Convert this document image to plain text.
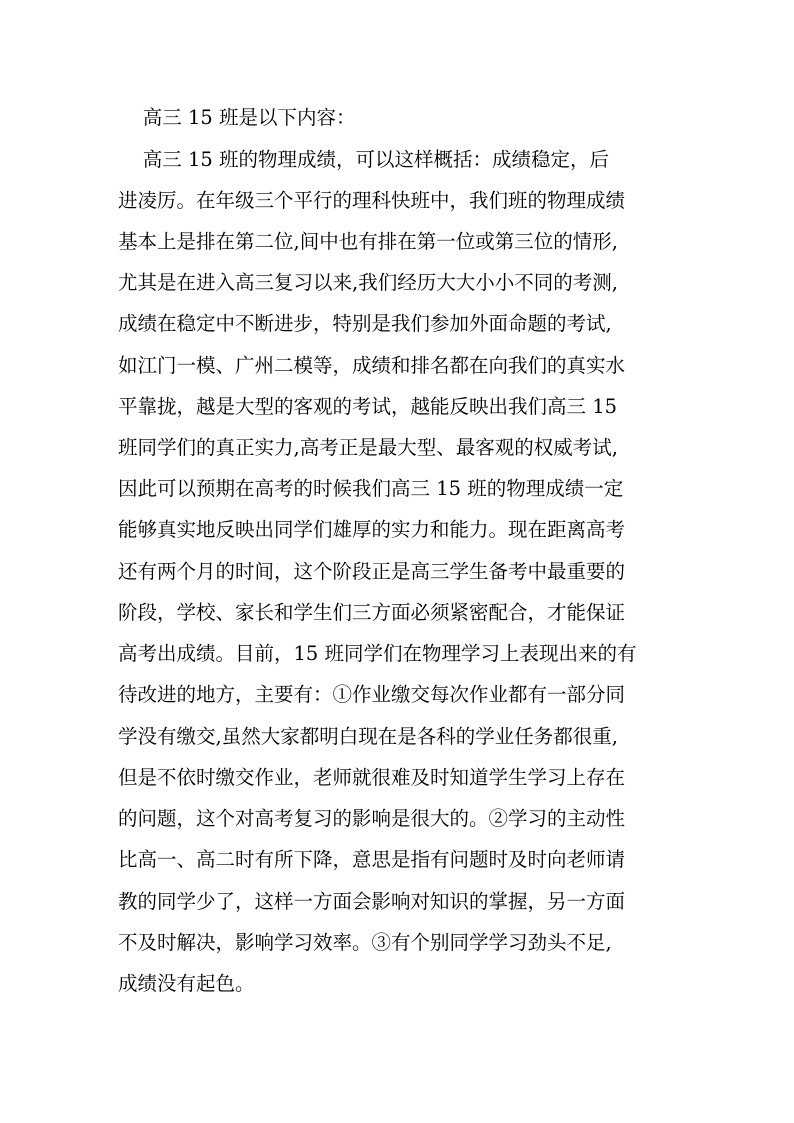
高三 15 班是以下内容：
高三 15 班的物理成绩，可以这样概括：成绩稳定，后
进凌厉。在年级三个平行的理科快班中，我们班的物理成绩
基本上是排在第二位,间中也有排在第一位或第三位的情形,
尤其是在进入高三复习以来,我们经历大大小小不同的考测,
成绩在稳定中不断进步，特别是我们参加外面命题的考试,
如江门一模、广州二模等，成绩和排名都在向我们的真实水
平靠拢，越是大型的客观的考试，越能反映出我们高三 15
班同学们的真正实力,高考正是最大型、最客观的权威考试,
因此可以预期在高考的时候我们高三 15 班的物理成绩一定
能够真实地反映出同学们雄厚的实力和能力。现在距离高考
还有两个月的时间，这个阶段正是高三学生备考中最重要的
阶段，学校、家长和学生们三方面必须紧密配合，才能保证
高考出成绩。目前，15 班同学们在物理学习上表现出来的有
待改进的地方，主要有：①作业缴交每次作业都有一部分同
学没有缴交,虽然大家都明白现在是各科的学业任务都很重,
但是不依时缴交作业，老师就很难及时知道学生学习上存在
的问题，这个对高考复习的影响是很大的。②学习的主动性
比高一、高二时有所下降，意思是指有问题时及时向老师请
教的同学少了，这样一方面会影响对知识的掌握，另一方面
不及时解决，影响学习效率。③有个别同学学习劲头不足,
成绩没有起色。
